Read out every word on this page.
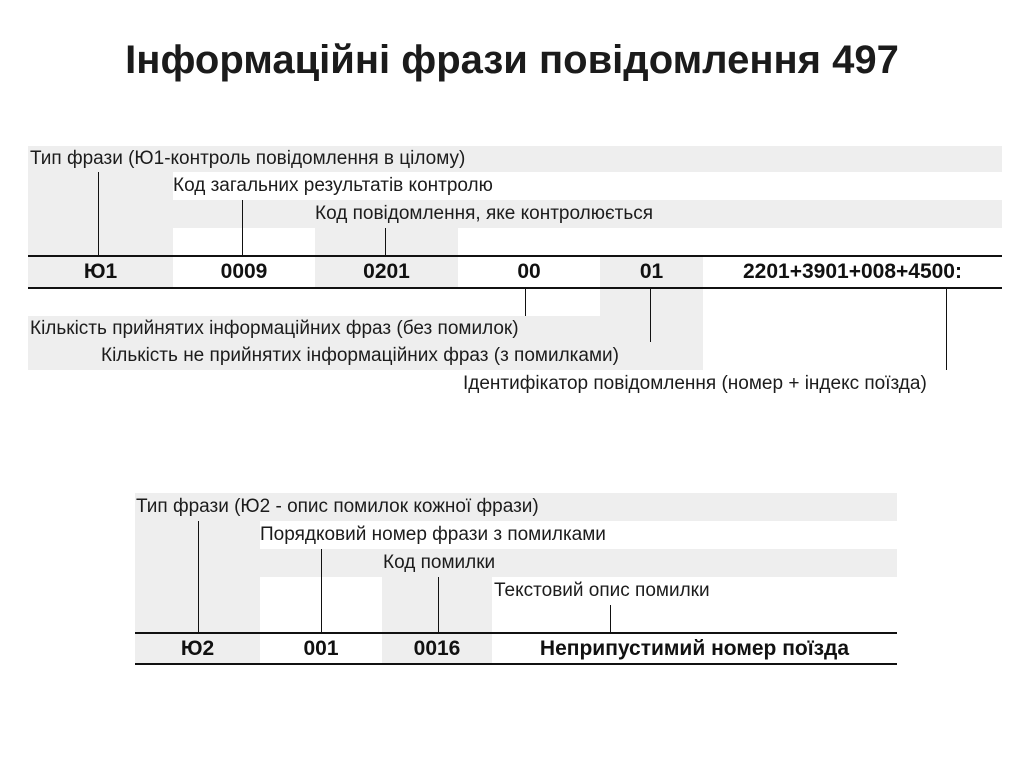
Інформаційні фрази повідомлення 497
Тип фрази (Ю1-контроль повідомлення в цілому)
Код загальних результатів контролю
Код повідомлення, яке контролюється
Ю1	0009	0201	00	01	2201+3901+008+4500:
Кількість прийнятих інформаційних фраз (без помилок)
Кількість не прийнятих інформаційних фраз (з помилками)
Ідентифікатор повідомлення (номер + індекс поїзда)
Тип фрази (Ю2 - опис помилок кожної фрази)
Порядковий номер фрази з помилками
Код помилки
Текстовий опис помилки
Ю2	001	0016	Неприпустимий номер поїзда
